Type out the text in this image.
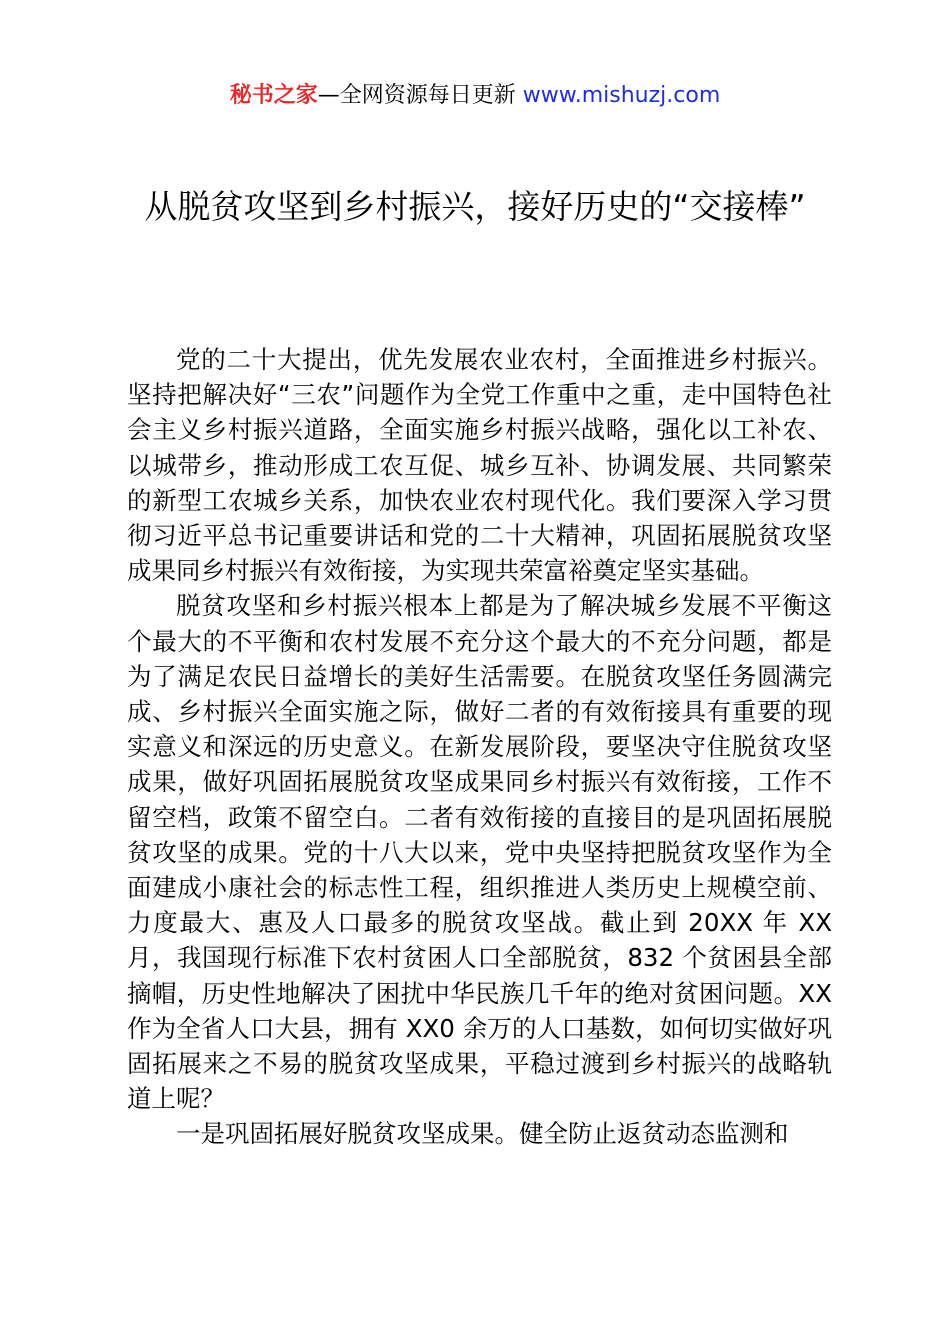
秘书之家—全网资源每日更新 www.mishuzj.com
从脱贫攻坚到乡村振兴，接好历史的“交接棒”

党的二十大提出，优先发展农业农村，全面推进乡村振兴。坚持把解决好“三农”问题作为全党工作重中之重，走中国特色社会主义乡村振兴道路，全面实施乡村振兴战略，强化以工补农、以城带乡，推动形成工农互促、城乡互补、协调发展、共同繁荣的新型工农城乡关系，加快农业农村现代化。我们要深入学习贯彻习近平总书记重要讲话和党的二十大精神，巩固拓展脱贫攻坚成果同乡村振兴有效衔接，为实现共荣富裕奠定坚实基础。

脱贫攻坚和乡村振兴根本上都是为了解决城乡发展不平衡这个最大的不平衡和农村发展不充分这个最大的不充分问题，都是为了满足农民日益增长的美好生活需要。在脱贫攻坚任务圆满完成、乡村振兴全面实施之际，做好二者的有效衔接具有重要的现实意义和深远的历史意义。在新发展阶段，要坚决守住脱贫攻坚成果，做好巩固拓展脱贫攻坚成果同乡村振兴有效衔接，工作不留空档，政策不留空白。二者有效衔接的直接目的是巩固拓展脱贫攻坚的成果。党的十八大以来，党中央坚持把脱贫攻坚作为全面建成小康社会的标志性工程，组织推进人类历史上规模空前、力度最大、惠及人口最多的脱贫攻坚战。截止到 20XX 年 XX 月，我国现行标准下农村贫困人口全部脱贫，832 个贫困县全部摘帽，历史性地解决了困扰中华民族几千年的绝对贫困问题。XX 作为全省人口大县，拥有 XX0 余万的人口基数，如何切实做好巩固拓展来之不易的脱贫攻坚成果，平稳过渡到乡村振兴的战略轨道上呢？

一是巩固拓展好脱贫攻坚成果。健全防止返贫动态监测和
